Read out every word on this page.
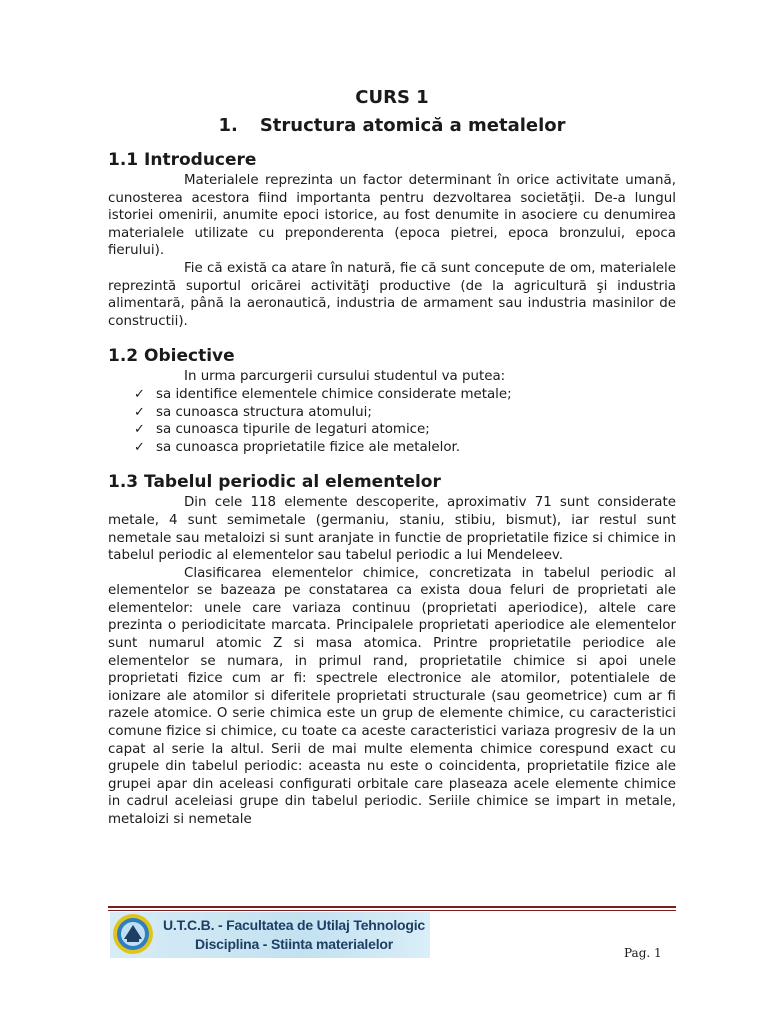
CURS 1
1. Structura atomică a metalelor
1.1 Introducere

Materialele reprezinta un factor determinant în orice activitate umană, cunosterea acestora fiind importanta pentru dezvoltarea societăţii. De-a lungul istoriei omenirii, anumite epoci istorice, au fost denumite in asociere cu denumirea materialele utilizate cu preponderenta (epoca pietrei, epoca bronzului, epoca fierului).

Fie că există ca atare în natură, fie că sunt concepute de om, materialele reprezintă suportul oricărei activităţi productive (de la agricultură şi industria alimentară, până la aeronautică, industria de armament sau industria masinilor de constructii).

1.2 Obiective

In urma parcurgerii cursului studentul va putea:

✓ sa identifice elementele chimice considerate metale;
✓ sa cunoasca structura atomului;
✓ sa cunoasca tipurile de legaturi atomice;
✓ sa cunoasca proprietatile fizice ale metalelor.
1.3 Tabelul periodic al elementelor

Din cele 118 elemente descoperite, aproximativ 71 sunt considerate metale, 4 sunt semimetale (germaniu, staniu, stibiu, bismut), iar restul sunt nemetale sau metaloizi si sunt aranjate in functie de proprietatile fizice si chimice in tabelul periodic al elementelor sau tabelul periodic a lui Mendeleev.

Clasificarea elementelor chimice, concretizata in tabelul periodic al elementelor se bazeaza pe constatarea ca exista doua feluri de proprietati ale elementelor: unele care variaza continuu (proprietati aperiodice), altele care prezinta o periodicitate marcata. Principalele proprietati aperiodice ale elementelor sunt numarul atomic Z si masa atomica. Printre proprietatile periodice ale elementelor se numara, in primul rand, proprietatile chimice si apoi unele proprietati fizice cum ar fi: spectrele electronice ale atomilor, potentialele de ionizare ale atomilor si diferitele proprietati structurale (sau geometrice) cum ar fi razele atomice. O serie chimica este un grup de elemente chimice, cu caracteristici comune fizice si chimice, cu toate ca aceste caracteristici variaza progresiv de la un capat al serie la altul. Serii de mai multe elementa chimice corespund exact cu grupele din tabelul periodic: aceasta nu este o coincidenta, proprietatile fizice ale grupei apar din aceleasi configurati orbitale care plaseaza acele elemente chimice in cadrul aceleiasi grupe din tabelul periodic. Seriile chimice se impart in metale, metaloizi si nemetale

U.T.C.B. - Facultatea de Utilaj Tehnologic
Disciplina - Stiinta materialelor
Pag. 1
